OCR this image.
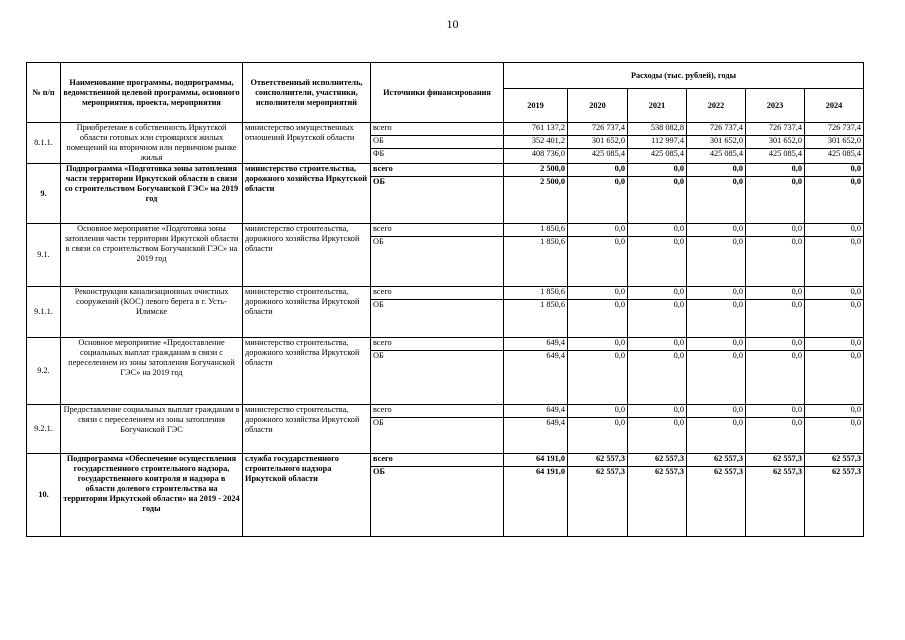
10
№ п/п	Наименование программы, подпрограммы, ведомственной целевой программы, основного мероприятия, проекта, мероприятия	Ответственный исполнитель, соисполнители, участники, исполнители мероприятий	Источники финансирования	Расходы (тыс. рублей), годы					
				2019	2020	2021	2022	2023	2024
8.1.1.	Приобретение в собственность Иркутской области готовых или строящихся жилых помещений на вторичном или первичном рынке жилья	министерство имущественных отношений Иркутской области	всего	761 137,2	726 737,4	538 082,8	726 737,4	726 737,4	726 737,4
			ОБ	352 401,2	301 652,0	112 997,4	301 652,0	301 652,0	301 652,0
			ФБ	408 736,0	425 085,4	425 085,4	425 085,4	425 085,4	425 085,4
9.	Подпрограмма «Подготовка зоны затопления части территории Иркутской области в связи со строительством Богучанской ГЭС» на 2019 год	министерство строительства, дорожного хозяйства Иркутской области	всего	2 500,0	0,0	0,0	0,0	0,0	0,0
			ОБ	2 500,0	0,0	0,0	0,0	0,0	0,0
9.1.	Основное мероприятие «Подготовка зоны затопления части территории Иркутской области в связи со строительством Богучанской ГЭС» на 2019 год	министерство строительства, дорожного хозяйства Иркутской области	всего	1 850,6	0,0	0,0	0,0	0,0	0,0
			ОБ	1 850,6	0,0	0,0	0,0	0,0	0,0
9.1.1.	Реконструкция канализационных очистных сооружений (КОС) левого берега в г. Усть-Илимске	министерство строительства, дорожного хозяйства Иркутской области	всего	1 850,6	0,0	0,0	0,0	0,0	0,0
			ОБ	1 850,6	0,0	0,0	0,0	0,0	0,0
9.2.	Основное мероприятие «Предоставление социальных выплат гражданам в связи с переселением из зоны затопления Богучанской ГЭС» на 2019 год	министерство строительства, дорожного хозяйства Иркутской области	всего	649,4	0,0	0,0	0,0	0,0	0,0
			ОБ	649,4	0,0	0,0	0,0	0,0	0,0
9.2.1.	Предоставление социальных выплат гражданам в связи с переселением из зоны затопления Богучанской ГЭС	министерство строительства, дорожного хозяйства Иркутской области	всего	649,4	0,0	0,0	0,0	0,0	0,0
			ОБ	649,4	0,0	0,0	0,0	0,0	0,0
10.	Подпрограмма «Обеспечение осуществления государственного строительного надзора, государственного контроля и надзора в области долевого строительства на территории Иркутской области» на 2019 - 2024 годы	служба государственного строительного надзора Иркутской области	всего	64 191,0	62 557,3	62 557,3	62 557,3	62 557,3	62 557,3
			ОБ	64 191,0	62 557,3	62 557,3	62 557,3	62 557,3	62 557,3
